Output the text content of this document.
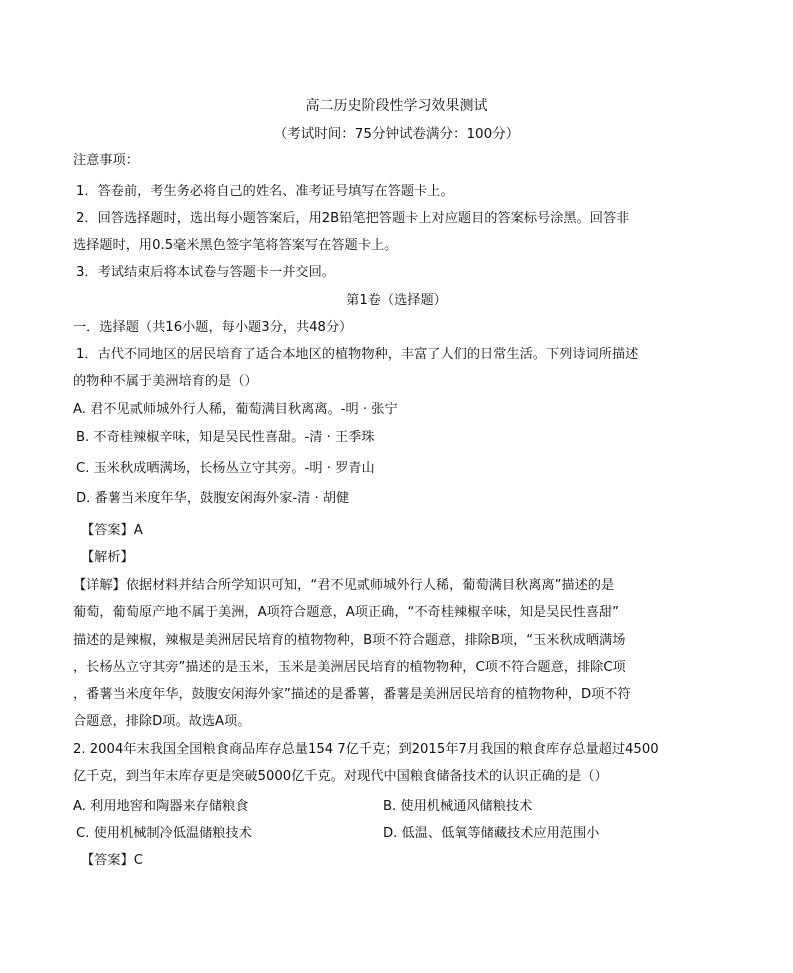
高二历史阶段性学习效果测试
（考试时间：75分钟试卷满分：100分）
注意事项：
1．答卷前，考生务必将自己的姓名、准考证号填写在答题卡上。
2．回答选择题时，选出每小题答案后，用2B铅笔把答题卡上对应题目的答案标号涂黑。回答非
选择题时，用0.5毫米黑色签字笔将答案写在答题卡上。
3．考试结束后将本试卷与答题卡一并交回。
第1卷（选择题）
一．选择题（共16小题，每小题3分，共48分）
1．古代不同地区的居民培育了适合本地区的植物物种，丰富了人们的日常生活。下列诗词所描述
的物种不属于美洲培育的是（）
A. 君不见贰师城外行人稀，葡萄满目秋离离。-明 · 张宁
B. 不奇桂辣椒辛味，知是吴民性喜甜。-清 · 王季珠
C. 玉米秋成晒满场，长杨丛立守其旁。-明 · 罗青山
D. 番薯当米度年华，鼓腹安闲海外家-清 · 胡健
【答案】A
【解析】
【详解】依据材料并结合所学知识可知，“君不见贰师城外行人稀，葡萄满目秋离离”描述的是
葡萄，葡萄原产地不属于美洲，A项符合题意，A项正确，“不奇桂辣椒辛味，知是吴民性喜甜”
描述的是辣椒，辣椒是美洲居民培育的植物物种，B项不符合题意，排除B项，“玉米秋成晒满场
，长杨丛立守其旁”描述的是玉米，玉米是美洲居民培育的植物物种，C项不符合题意，排除C项
，番薯当米度年华，鼓腹安闲海外家”描述的是番薯，番薯是美洲居民培育的植物物种，D项不符
合题意，排除D项。故选A项。
2. 2004年末我国全国粮食商品库存总量154 7亿千克；到2015年7月我国的粮食库存总量超过4500
亿千克，到当年末库存更是突破5000亿千克。对现代中国粮食储备技术的认识正确的是（）
A. 利用地窖和陶器来存储粮食	B. 使用机械通风储粮技术
C. 使用机械制冷低温储粮技术	D. 低温、低氧等储藏技术应用范围小
【答案】C
